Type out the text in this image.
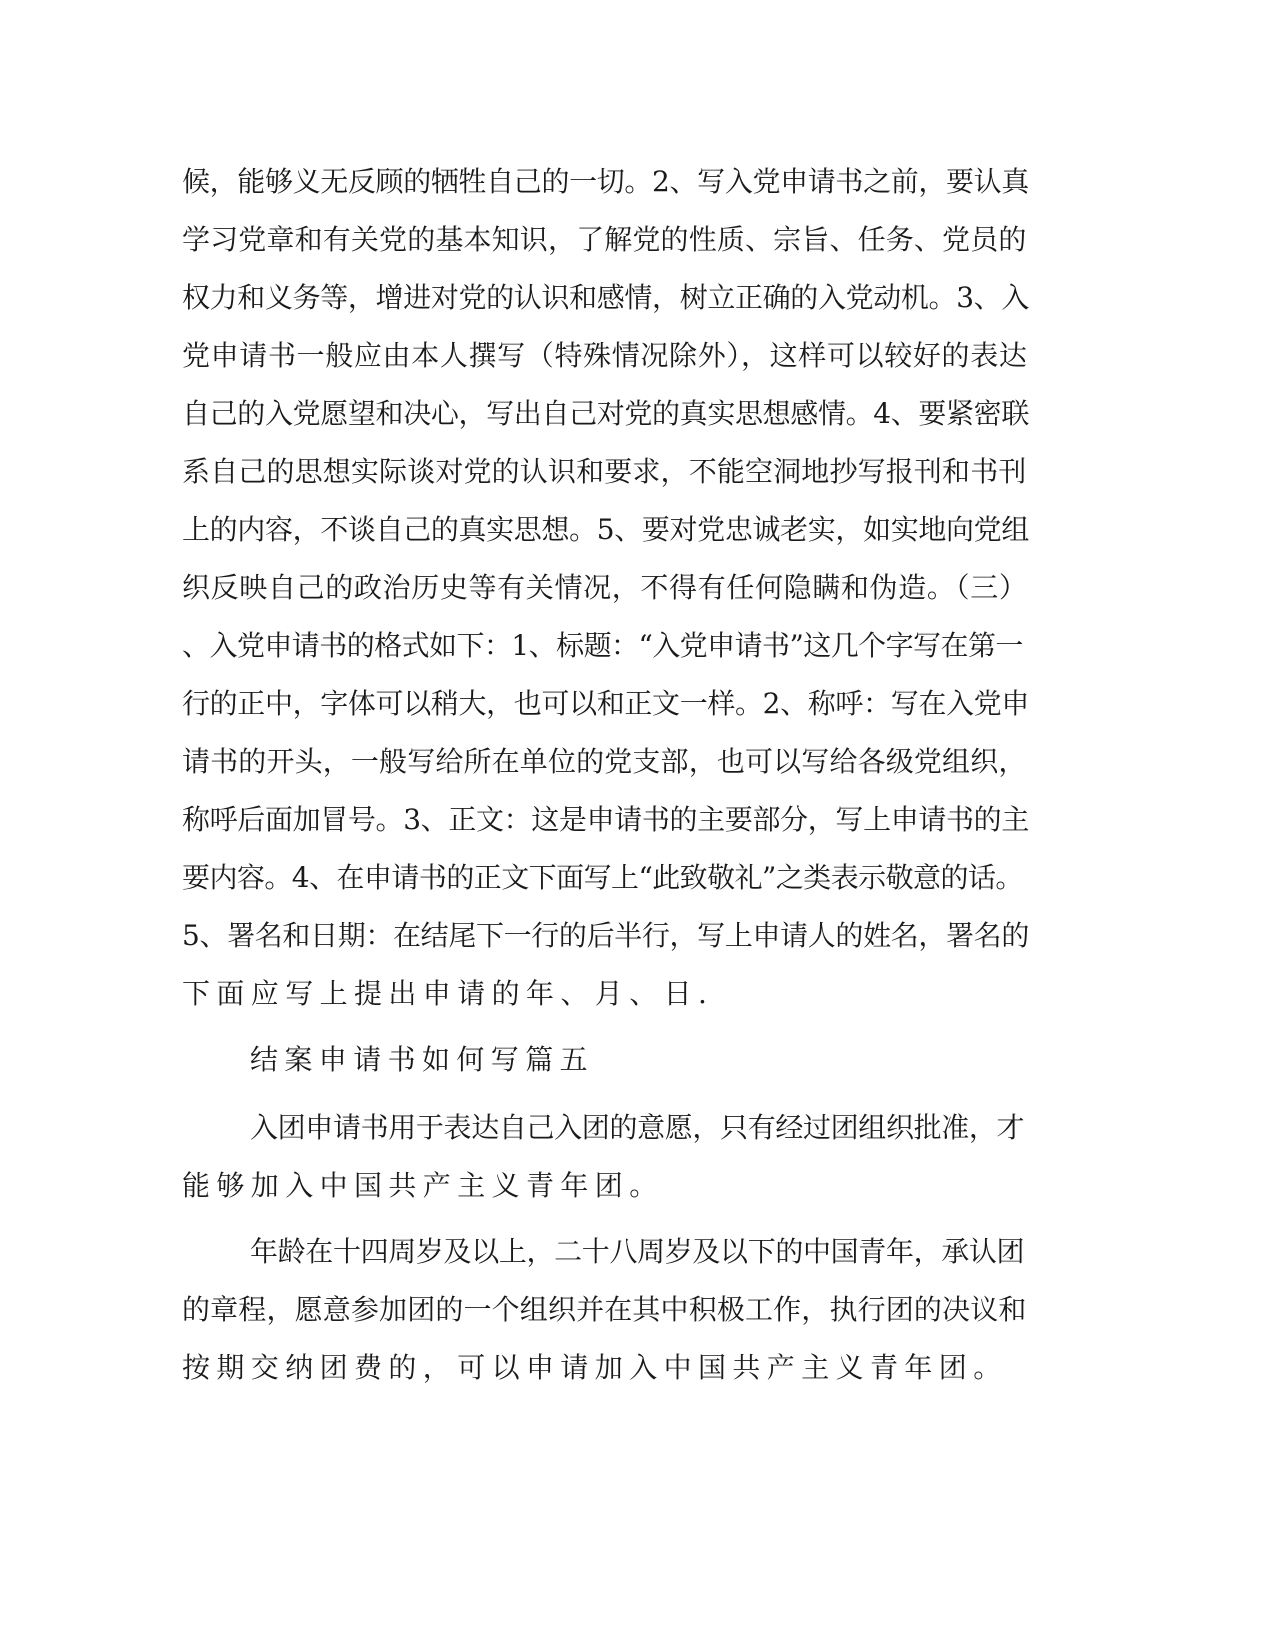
候，能够义无反顾的牺牲自己的一切。2、写入党申请书之前，要认真

学习党章和有关党的基本知识，了解党的性质、宗旨、任务、党员的

权力和义务等，增进对党的认识和感情，树立正确的入党动机。3、入

党申请书一般应由本人撰写（特殊情况除外），这样可以较好的表达

自己的入党愿望和决心，写出自己对党的真实思想感情。4、要紧密联

系自己的思想实际谈对党的认识和要求，不能空洞地抄写报刊和书刊

上的内容，不谈自己的真实思想。5、要对党忠诚老实，如实地向党组

织反映自己的政治历史等有关情况，不得有任何隐瞒和伪造。（三）

、入党申请书的格式如下：1、标题：“入党申请书”这几个字写在第一

行的正中，字体可以稍大，也可以和正文一样。2、称呼：写在入党申

请书的开头，一般写给所在单位的党支部，也可以写给各级党组织，

称呼后面加冒号。3、正文：这是申请书的主要部分，写上申请书的主

要内容。4、在申请书的正文下面写上“此致敬礼”之类表示敬意的话。

5、署名和日期：在结尾下一行的后半行，写上申请人的姓名，署名的

下面应写上提出申请的年、月、日.

结案申请书如何写篇五

入团申请书用于表达自己入团的意愿，只有经过团组织批准，才

能够加入中国共产主义青年团。

年龄在十四周岁及以上，二十八周岁及以下的中国青年，承认团

的章程，愿意参加团的一个组织并在其中积极工作，执行团的决议和

按期交纳团费的，可以申请加入中国共产主义青年团。
